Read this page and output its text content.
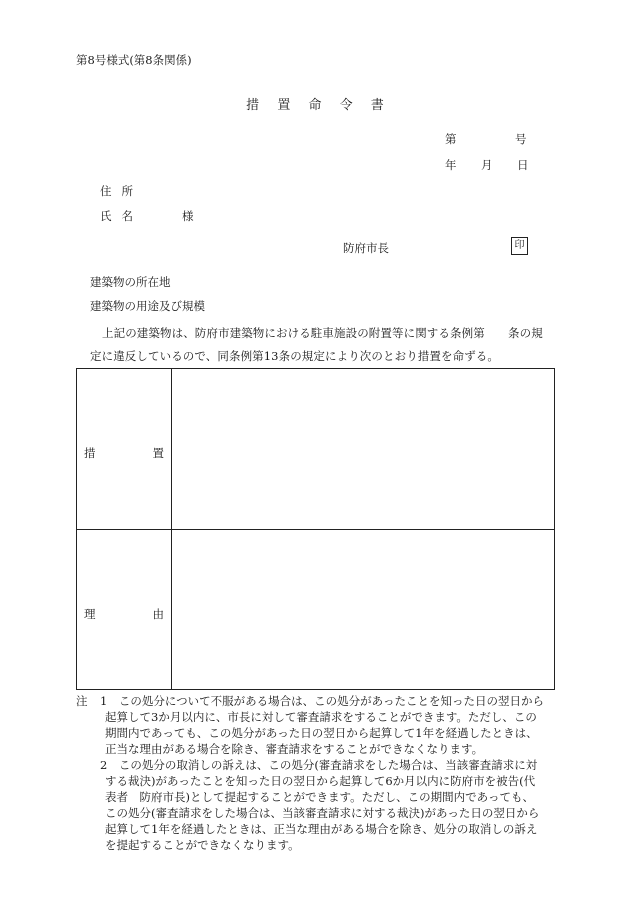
第8号様式(第8条関係)
措 置 命 令 書
第	号
年 月 日
住所
氏名	様
防府市長	印
建築物の所在地
建築物の用途及び規模
上記の建築物は、防府市建築物における駐車施設の附置等に関する条例第　　条の規
定に違反しているので、同条例第13条の規定により次のとおり措置を命ずる。
措	置
理	由
注 1　この処分について不服がある場合は、この処分があったことを知った日の翌日から
起算して3か月以内に、市長に対して審査請求をすることができます。ただし、この
期間内であっても、この処分があった日の翌日から起算して1年を経過したときは、
正当な理由がある場合を除き、審査請求をすることができなくなります。
2　この処分の取消しの訴えは、この処分(審査請求をした場合は、当該審査請求に対
する裁決)があったことを知った日の翌日から起算して6か月以内に防府市を被告(代
表者　防府市長)として提起することができます。ただし、この期間内であっても、
この処分(審査請求をした場合は、当該審査請求に対する裁決)があった日の翌日から
起算して1年を経過したときは、正当な理由がある場合を除き、処分の取消しの訴え
を提起することができなくなります。
